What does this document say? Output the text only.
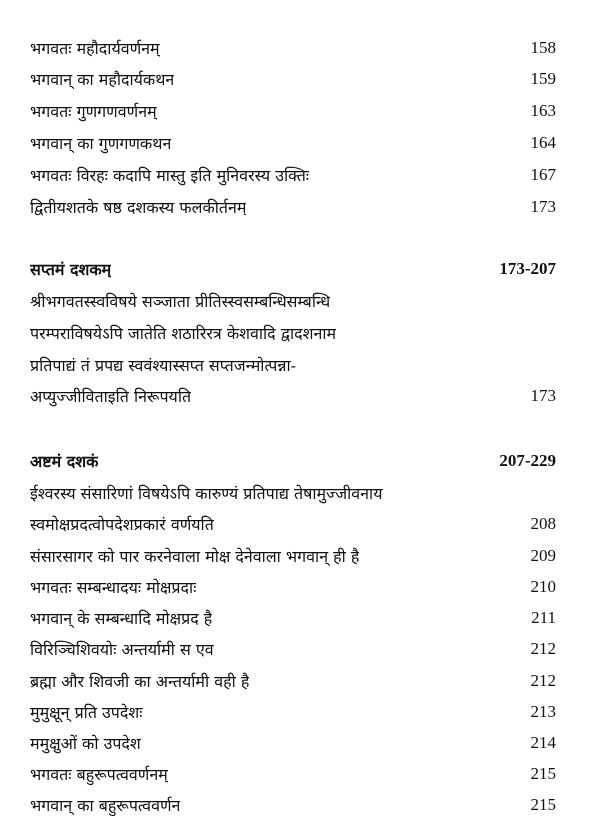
भगवतः महौदार्यवर्णनम्	158
भगवान् का महौदार्यकथन	159
भगवतः गुणगणवर्णनम्	163
भगवान् का गुणगणकथन	164
भगवतः विरहः कदापि मास्तु इति मुनिवरस्य उक्तिः	167
द्वितीयशतके षष्ठ दशकस्य फलकीर्तनम्	173
सप्तमं दशकम्	173-207
श्रीभगवतस्स्वविषये सञ्जाता प्रीतिस्स्वसम्बन्धिसम्बन्धि
परम्पराविषयेऽपि जातेति शठारिरत्र केशवादि द्वादशनाम
प्रतिपाद्यं तं प्रपद्य स्ववंश्यास्सप्त सप्तजन्मोत्पन्ना-
अप्युज्जीविताइति निरूपयति	173
अष्टमं दशकं	207-229
ईश्वरस्य संसारिणां विषयेऽपि कारुण्यं प्रतिपाद्य तेषामुज्जीवनाय
स्वमोक्षप्रदत्वोपदेशप्रकारं वर्णयति	208
संसारसागर को पार करनेवाला मोक्ष देनेवाला भगवान् ही है	209
भगवतः सम्बन्धादयः मोक्षप्रदाः	210
भगवान् के सम्बन्धादि मोक्षप्रद है	211
विरिञ्चिशिवयोः अन्तर्यामी स एव	212
ब्रह्मा और शिवजी का अन्तर्यामी वही है	212
मुमुक्षून् प्रति उपदेशः	213
ममुक्षुओं को उपदेश	214
भगवतः बहुरूपत्ववर्णनम्	215
भगवान् का बहुरूपत्ववर्णन	215
